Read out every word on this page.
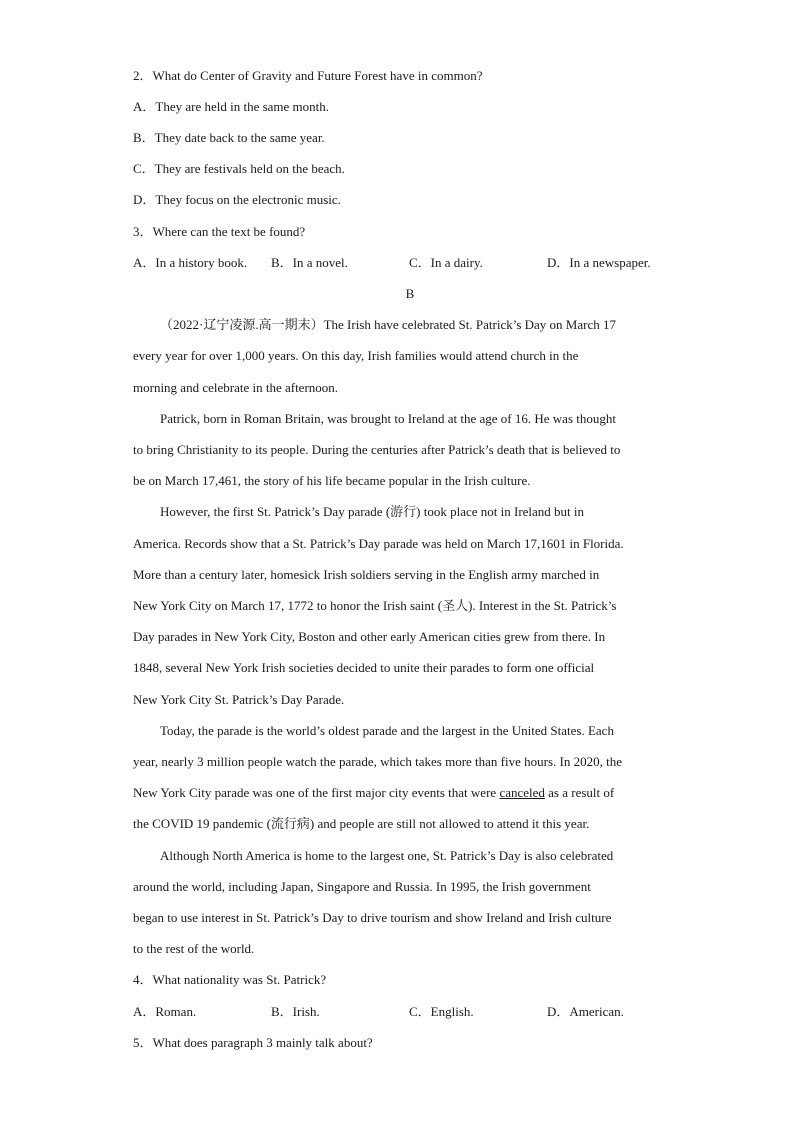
2．What do Center of Gravity and Future Forest have in common?
A．They are held in the same month.
B．They date back to the same year.
C．They are festivals held on the beach.
D．They focus on the electronic music.
3．Where can the text be found?
A．In a history book. B．In a novel.	C．In a dairy.	D．In a newspaper.
B
（2022·辽宁凌源.高一期末）The Irish have celebrated St. Patrick’s Day on March 17
every year for over 1,000 years. On this day, Irish families would attend church in the
morning and celebrate in the afternoon.
Patrick, born in Roman Britain, was brought to Ireland at the age of 16. He was thought
to bring Christianity to its people. During the centuries after Patrick’s death that is believed to
be on March 17,461, the story of his life became popular in the Irish culture.
However, the first St. Patrick’s Day parade (游行) took place not in Ireland but in
America. Records show that a St. Patrick’s Day parade was held on March 17,1601 in Florida.
More than a century later, homesick Irish soldiers serving in the English army marched in
New York City on March 17, 1772 to honor the Irish saint (圣人). Interest in the St. Patrick’s
Day parades in New York City, Boston and other early American cities grew from there. In
1848, several New York Irish societies decided to unite their parades to form one official
New York City St. Patrick’s Day Parade.
Today, the parade is the world’s oldest parade and the largest in the United States. Each
year, nearly 3 million people watch the parade, which takes more than five hours. In 2020, the
New York City parade was one of the first major city events that were canceled as a result of
the COVID 19 pandemic (流行病) and people are still not allowed to attend it this year.
Although North America is home to the largest one, St. Patrick’s Day is also celebrated
around the world, including Japan, Singapore and Russia. In 1995, the Irish government
began to use interest in St. Patrick’s Day to drive tourism and show Ireland and Irish culture
to the rest of the world.
4．What nationality was St. Patrick?
A．Roman.	B．Irish.	C．English.	D．American.
5．What does paragraph 3 mainly talk about?
